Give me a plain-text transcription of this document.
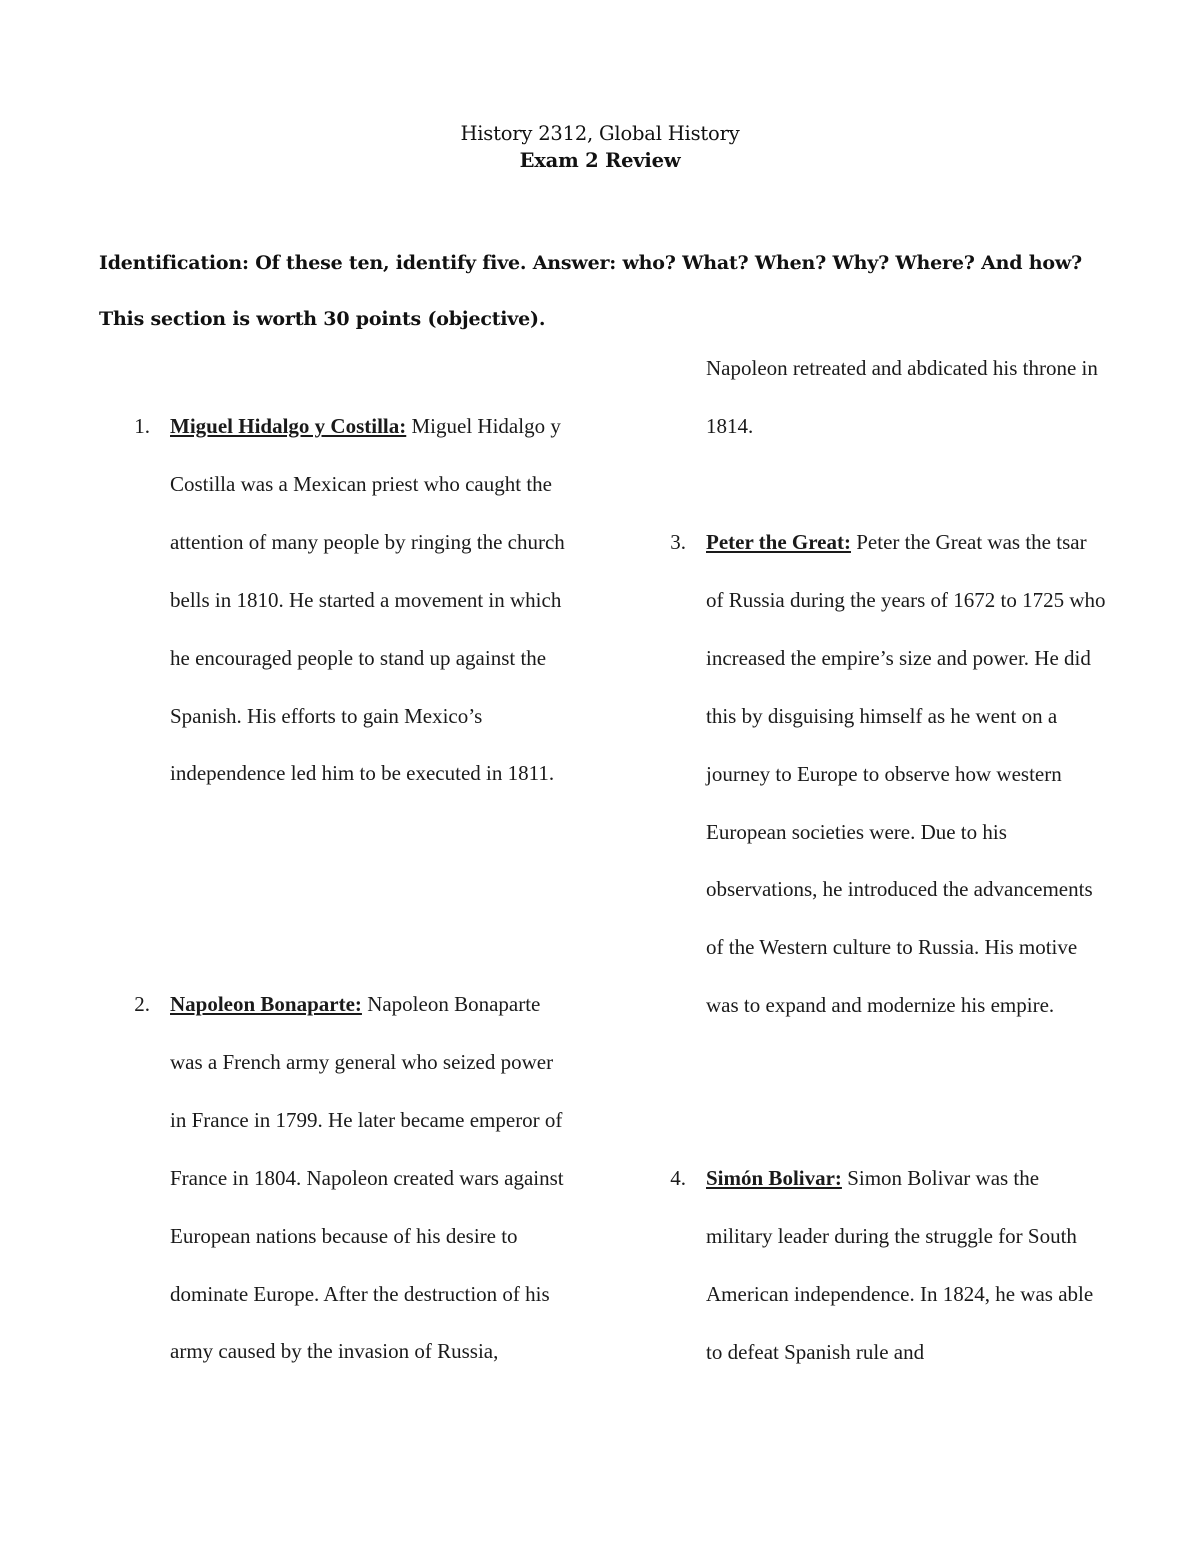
History 2312, Global History
Exam 2 Review
Identification: Of these ten, identify five. Answer: who? What? When? Why? Where? And how? This section is worth 30 points (objective).
1. Miguel Hidalgo y Costilla: Miguel Hidalgo y Costilla was a Mexican priest who caught the attention of many people by ringing the church bells in 1810. He started a movement in which he encouraged people to stand up against the Spanish. His efforts to gain Mexico’s independence led him to be executed in 1811.
2. Napoleon Bonaparte: Napoleon Bonaparte was a French army general who seized power in France in 1799. He later became emperor of France in 1804. Napoleon created wars against European nations because of his desire to dominate Europe. After the destruction of his army caused by the invasion of Russia,
Napoleon retreated and abdicated his throne in 1814.
3. Peter the Great: Peter the Great was the tsar of Russia during the years of 1672 to 1725 who increased the empire’s size and power. He did this by disguising himself as he went on a journey to Europe to observe how western European societies were. Due to his observations, he introduced the advancements of the Western culture to Russia. His motive was to expand and modernize his empire.
4. Simón Bolivar: Simon Bolivar was the military leader during the struggle for South American independence. In 1824, he was able to defeat Spanish rule and
